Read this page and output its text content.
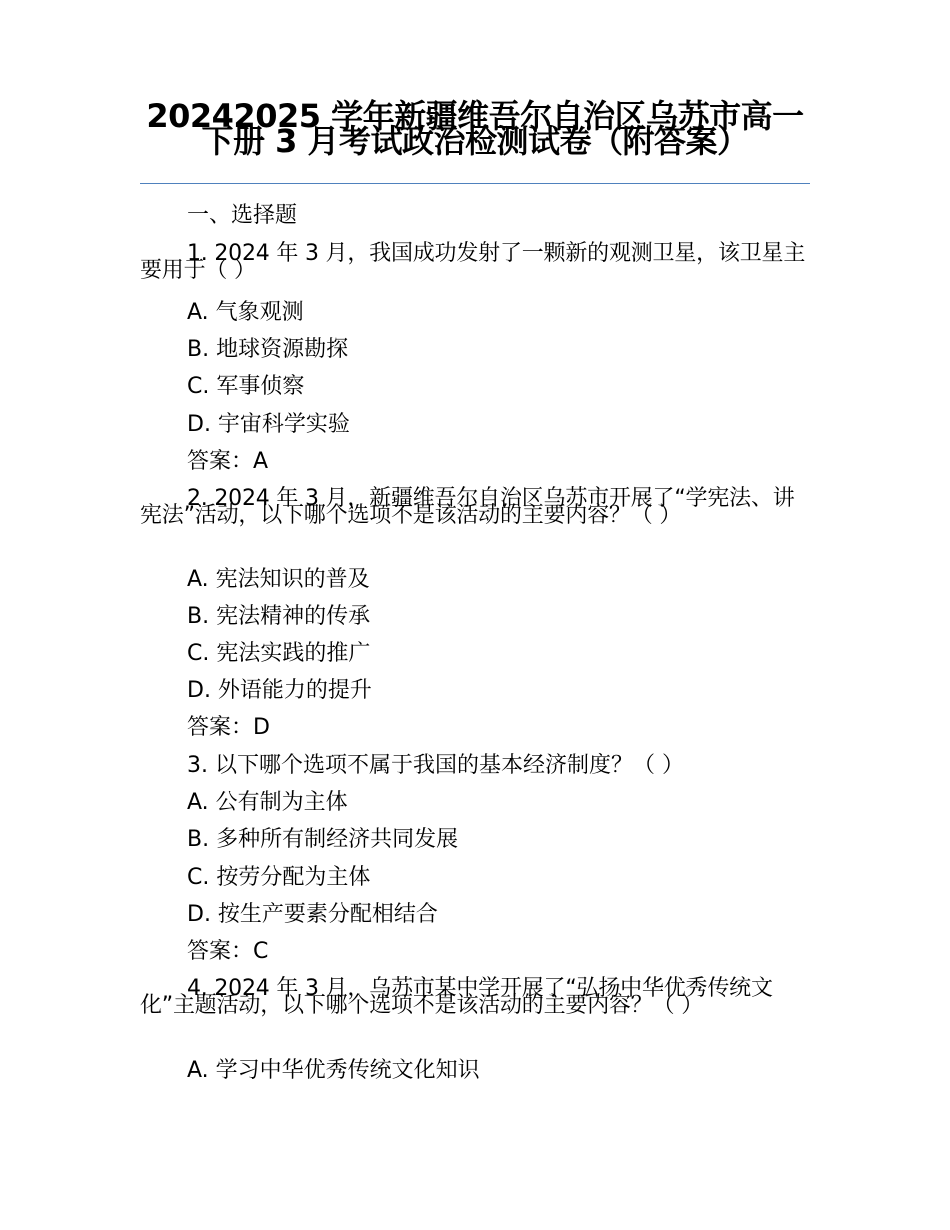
20242025 学年新疆维吾尔自治区乌苏市高一下册 3 月考试政治检测试卷（附答案）
一、选择题
1. 2024 年 3 月，我国成功发射了一颗新的观测卫星，该卫星主要用于（ ）
A. 气象观测
B. 地球资源勘探
C. 军事侦察
D. 宇宙科学实验
答案：A
2. 2024 年 3 月，新疆维吾尔自治区乌苏市开展了“学宪法、讲宪法”活动，以下哪个选项不是该活动的主要内容？（ ）
A. 宪法知识的普及
B. 宪法精神的传承
C. 宪法实践的推广
D. 外语能力的提升
答案：D
3. 以下哪个选项不属于我国的基本经济制度？（ ）
A. 公有制为主体
B. 多种所有制经济共同发展
C. 按劳分配为主体
D. 按生产要素分配相结合
答案：C
4. 2024 年 3 月，乌苏市某中学开展了“弘扬中华优秀传统文化”主题活动，以下哪个选项不是该活动的主要内容？（ ）
A. 学习中华优秀传统文化知识
